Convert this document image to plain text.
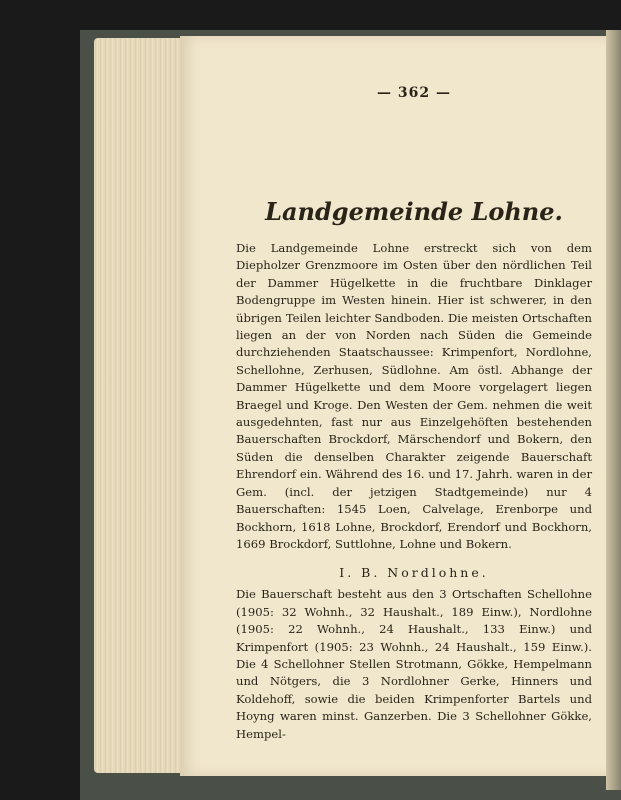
— 362 —
Landgemeinde Lohne.

Die Landgemeinde Lohne erstreckt sich von dem Diepholzer Grenzmoore im Osten über den nördlichen Teil der Dammer Hügelkette in die fruchtbare Dinklager Bodengruppe im Westen hinein. Hier ist schwerer, in den übrigen Teilen leichter Sandboden. Die meisten Ortschaften liegen an der von Norden nach Süden die Gemeinde durchziehenden Staatschaussee: Krimpenfort, Nordlohne, Schellohne, Zerhusen, Südlohne. Am östl. Abhange der Dammer Hügelkette und dem Moore vorgelagert liegen Braegel und Kroge. Den Westen der Gem. nehmen die weit ausgedehnten, fast nur aus Einzelgehöften bestehenden Bauerschaften Brockdorf, Märschendorf und Bokern, den Süden die denselben Charakter zeigende Bauerschaft Ehrendorf ein. Während des 16. und 17. Jahrh. waren in der Gem. (incl. der jetzigen Stadtgemeinde) nur 4 Bauerschaften: 1545 Loen, Calvelage, Erenborpe und Bockhorn, 1618 Lohne, Brockdorf, Erendorf und Bockhorn, 1669 Brockdorf, Suttlohne, Lohne und Bokern.

I. B. Nordlohne.

Die Bauerschaft besteht aus den 3 Ortschaften Schellohne (1905: 32 Wohnh., 32 Haushalt., 189 Einw.), Nordlohne (1905: 22 Wohnh., 24 Haushalt., 133 Einw.) und Krimpenfort (1905: 23 Wohnh., 24 Haushalt., 159 Einw.). Die 4 Schellohner Stellen Strotmann, Gökke, Hempelmann und Nötgers, die 3 Nordlohner Gerke, Hinners und Koldehoff, sowie die beiden Krimpenforter Bartels und Hoyng waren minst. Ganzerben. Die 3 Schellohner Gökke, Hempel-
